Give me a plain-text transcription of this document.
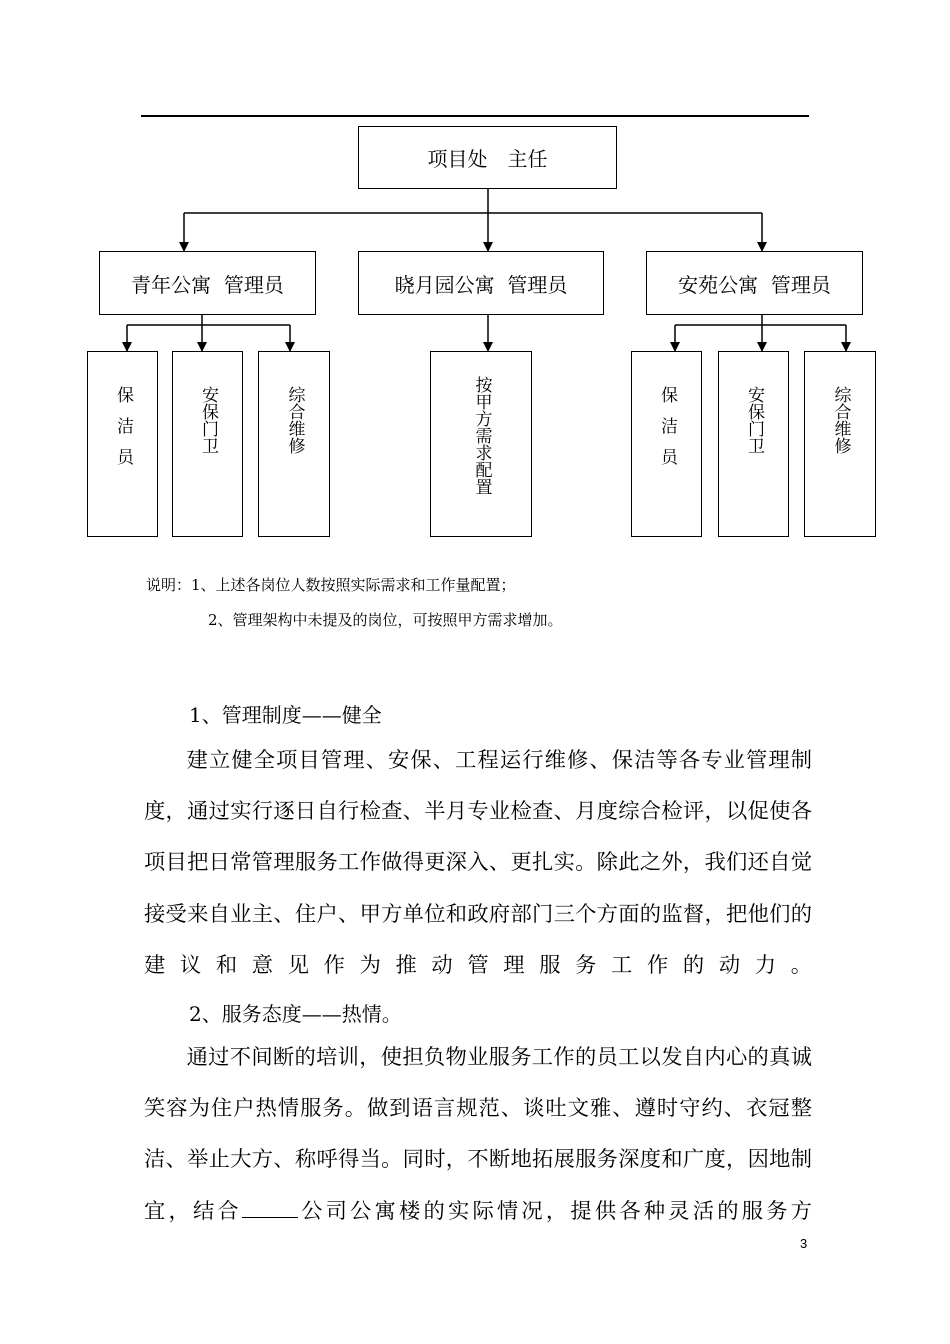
项目处　主任
青年公寓  管理员	晓月园公寓  管理员	安苑公寓  管理员
保洁员	安保门卫	综合维修	按甲方需求配置	保洁员	安保门卫	综合维修
说明：1、上述各岗位人数按照实际需求和工作量配置；
2、管理架构中未提及的岗位，可按照甲方需求增加。
1、管理制度——健全

建立健全项目管理、安保、工程运行维修、保洁等各专业管理制度，通过实行逐日自行检查、半月专业检查、月度综合检评，以促使各项目把日常管理服务工作做得更深入、更扎实。除此之外，我们还自觉接受来自业主、住户、甲方单位和政府部门三个方面的监督，把他们的建议和意见作为推动管理服务工作的动力。

2、服务态度——热情。

通过不间断的培训，使担负物业服务工作的员工以发自内心的真诚笑容为住户热情服务。做到语言规范、谈吐文雅、遵时守约、衣冠整洁、举止大方、称呼得当。同时，不断地拓展服务深度和广度，因地制宜，结合	公司公寓楼的实际情况，提供各种灵活的服务方

3
